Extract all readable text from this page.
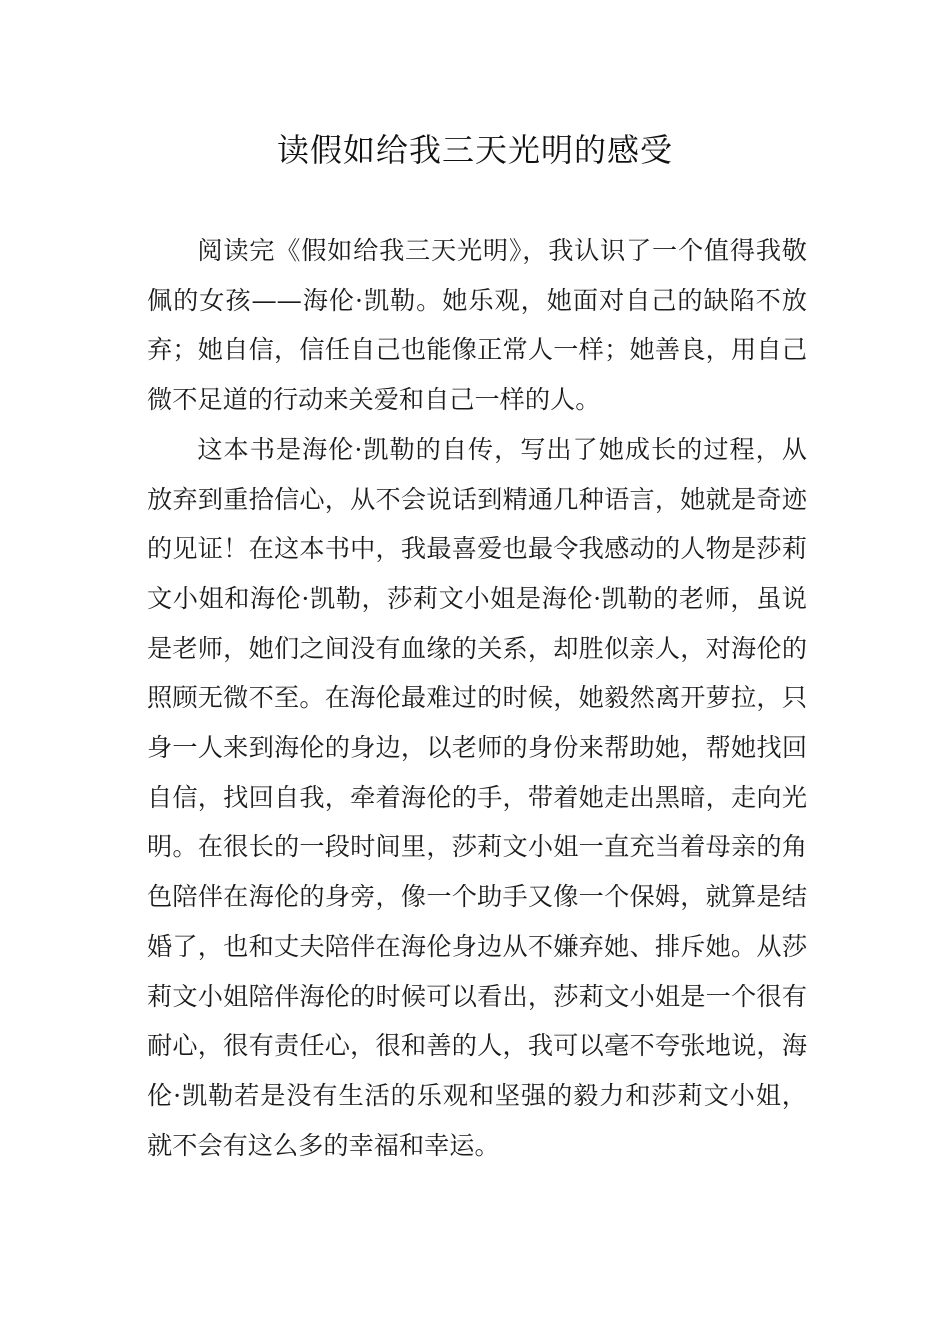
读假如给我三天光明的感受

阅读完《假如给我三天光明》，我认识了一个值得我敬佩的女孩——海伦·凯勒。她乐观，她面对自己的缺陷不放弃；她自信，信任自己也能像正常人一样；她善良，用自己微不足道的行动来关爱和自己一样的人。

这本书是海伦·凯勒的自传，写出了她成长的过程，从放弃到重拾信心，从不会说话到精通几种语言，她就是奇迹的见证！在这本书中，我最喜爱也最令我感动的人物是莎莉文小姐和海伦·凯勒，莎莉文小姐是海伦·凯勒的老师，虽说是老师，她们之间没有血缘的关系，却胜似亲人，对海伦的照顾无微不至。在海伦最难过的时候，她毅然离开萝拉，只身一人来到海伦的身边，以老师的身份来帮助她，帮她找回自信，找回自我，牵着海伦的手，带着她走出黑暗，走向光明。在很长的一段时间里，莎莉文小姐一直充当着母亲的角色陪伴在海伦的身旁，像一个助手又像一个保姆，就算是结婚了，也和丈夫陪伴在海伦身边从不嫌弃她、排斥她。从莎莉文小姐陪伴海伦的时候可以看出，莎莉文小姐是一个很有耐心，很有责任心，很和善的人，我可以毫不夸张地说，海伦·凯勒若是没有生活的乐观和坚强的毅力和莎莉文小姐，就不会有这么多的幸福和幸运。
